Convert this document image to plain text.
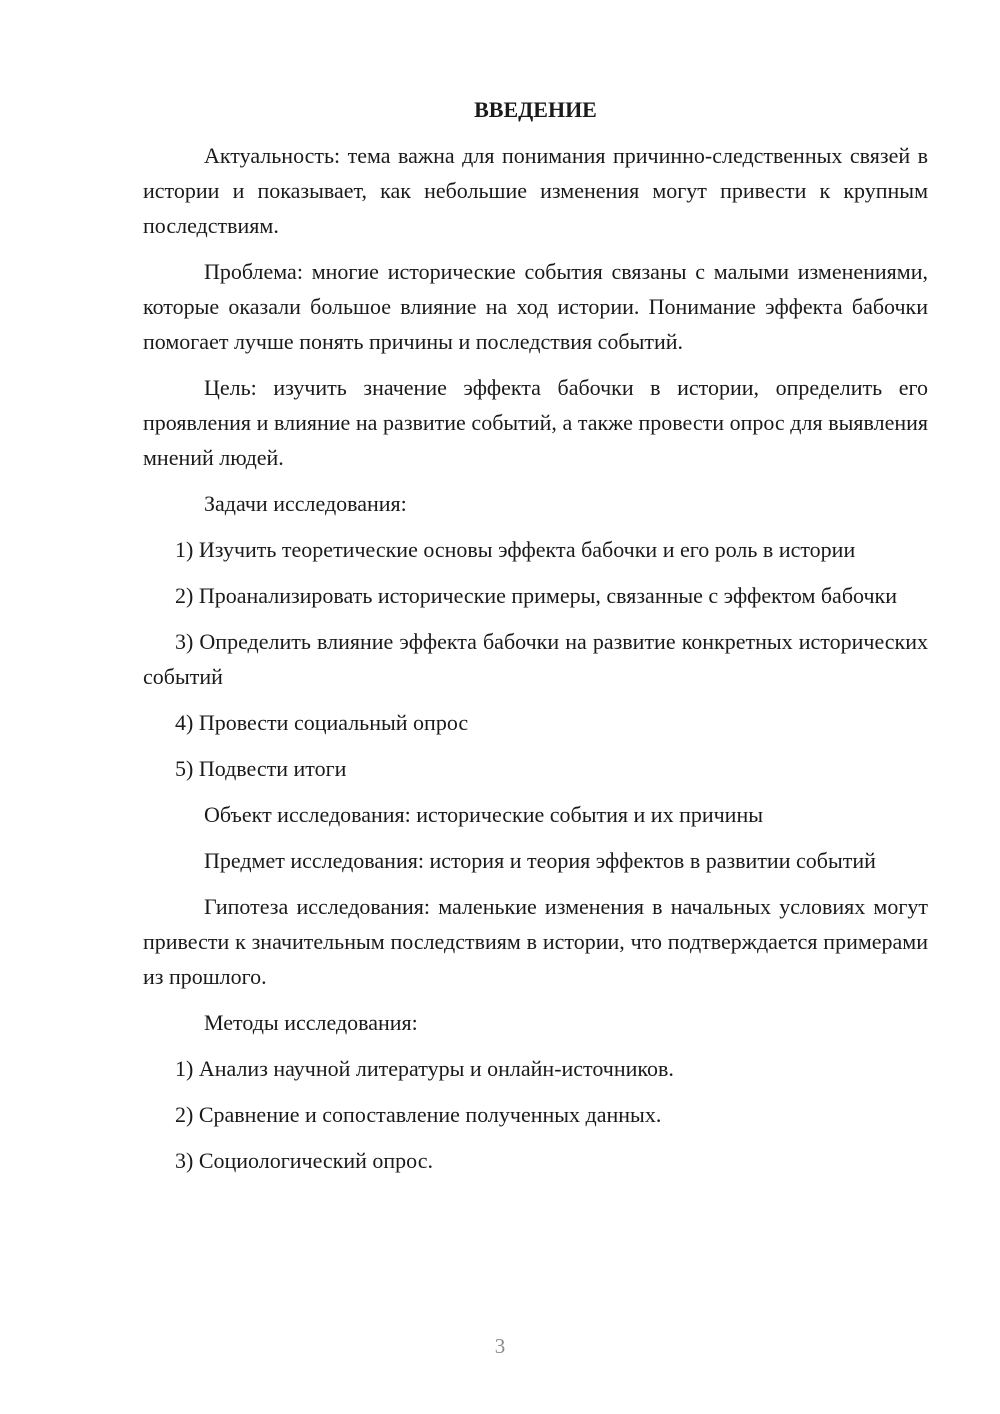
ВВЕДЕНИЕ

Актуальность: тема важна для понимания причинно-следственных связей в истории и показывает, как небольшие изменения могут привести к крупным последствиям.

Проблема: многие исторические события связаны с малыми изменениями, которые оказали большое влияние на ход истории. Понимание эффекта бабочки помогает лучше понять причины и последствия событий.

Цель: изучить значение эффекта бабочки в истории, определить его проявления и влияние на развитие событий, а также провести опрос для выявления мнений людей.

Задачи исследования:

1) Изучить теоретические основы эффекта бабочки и его роль в истории

2) Проанализировать исторические примеры, связанные с эффектом бабочки

3) Определить влияние эффекта бабочки на развитие конкретных исторических событий

4) Провести социальный опрос

5) Подвести итоги

Объект исследования: исторические события и их причины

Предмет исследования: история и теория эффектов в развитии событий

Гипотеза исследования: маленькие изменения в начальных условиях могут привести к значительным последствиям в истории, что подтверждается примерами из прошлого.

Методы исследования:

1) Анализ научной литературы и онлайн-источников.

2) Сравнение и сопоставление полученных данных.

3) Социологический опрос.

3
